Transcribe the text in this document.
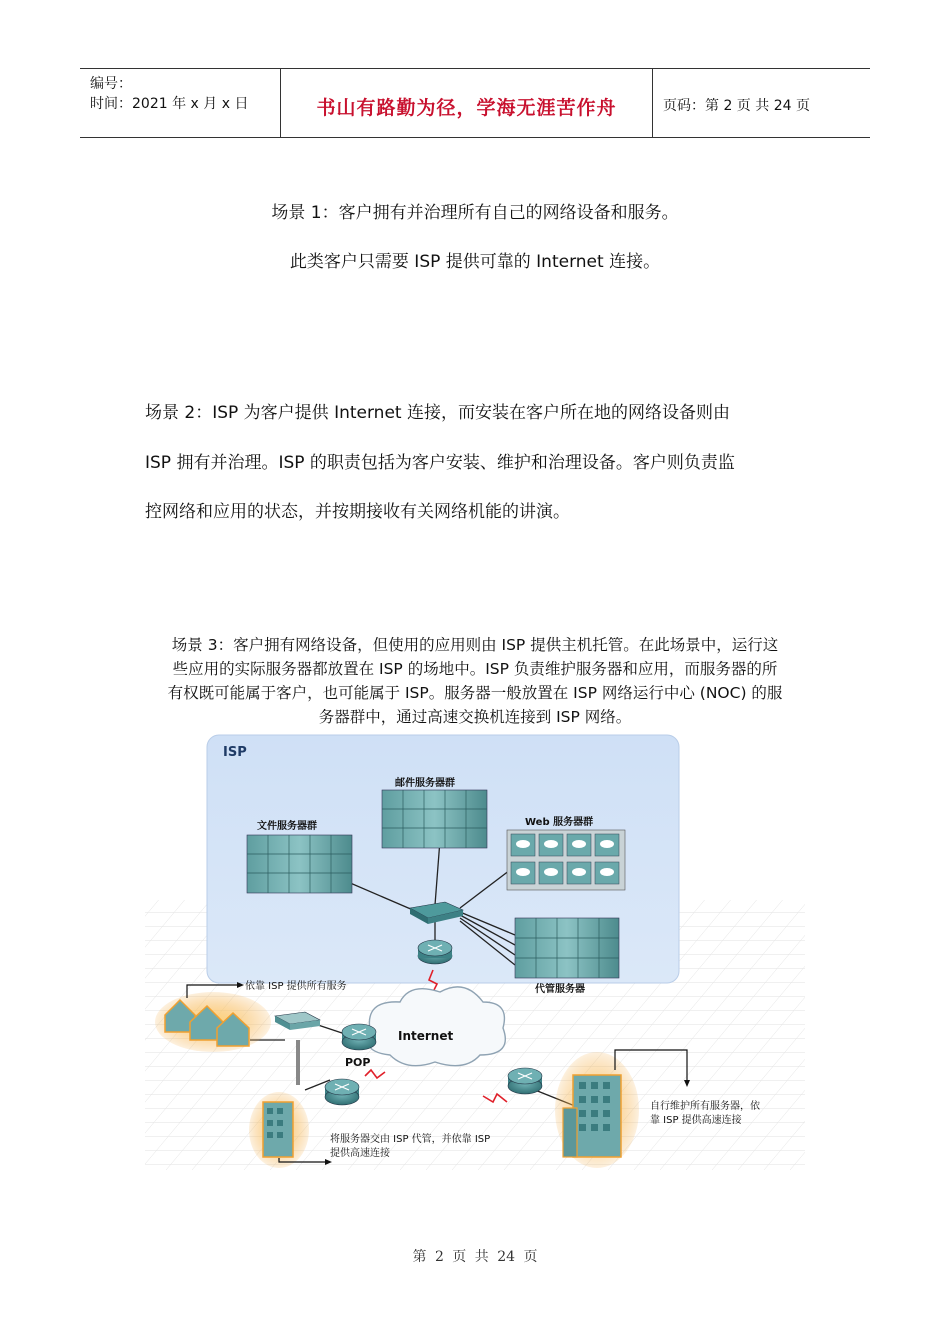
编号：
时间：2021 年 x 月 x 日	书山有路勤为径，学海无涯苦作舟	页码：第 2 页 共 24 页
场景 1：客户拥有并治理所有自己的网络设备和服务。
此类客户只需要 ISP 提供可靠的 Internet 连接。
场景 2：ISP 为客户提供 Internet 连接，而安装在客户所在地的网络设备则由
ISP 拥有并治理。ISP 的职责包括为客户安装、维护和治理设备。客户则负责监
控网络和应用的状态，并按期接收有关网络机能的讲演。
场景 3：客户拥有网络设备，但使用的应用则由 ISP 提供主机托管。在此场景中，运行这
些应用的实际服务器都放置在 ISP 的场地中。ISP 负责维护服务器和应用，而服务器的所
有权既可能属于客户，也可能属于 ISP。服务器一般放置在 ISP 网络运行中心 (NOC) 的服
务器群中，通过高速交换机连接到 ISP 网络。
ISP
文件服务器群
邮件服务器群
Web 服务器群
代管服务器
Internet
依靠 ISP 提供所有服务
POP
将服务器交由 ISP 代管，并依靠 ISP
提供高速连接
自行维护所有服务器，依
靠 ISP 提供高速连接
第 2 页 共 24 页
